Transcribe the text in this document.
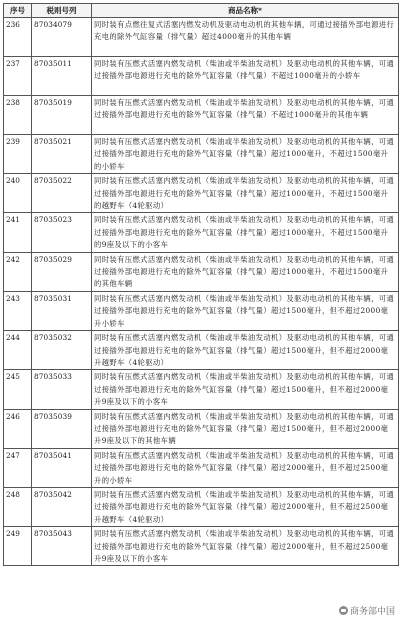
序号	税则号列	商品名称*
236	87034079	同时装有点燃往复式活塞内燃发动机及驱动电动机的其他车辆，可通过接插外部电源进行充电的除外气缸容量（排气量）超过4000毫升的其他车辆
237	87035011	同时装有压燃式活塞内燃发动机（柴油或半柴油发动机）及驱动电动机的其他车辆，可通过接插外部电源进行充电的除外气缸容量（排气量）不超过1000毫升的小轿车
238	87035019	同时装有压燃式活塞内燃发动机（柴油或半柴油发动机）及驱动电动机的其他车辆，可通过接插外部电源进行充电的除外气缸容量（排气量）不超过1000毫升的其他车辆
239	87035021	同时装有压燃式活塞内燃发动机（柴油或半柴油发动机）及驱动电动机的其他车辆，可通过接插外部电源进行充电的除外气缸容量（排气量）超过1000毫升，不超过1500毫升的小轿车
240	87035022	同时装有压燃式活塞内燃发动机（柴油或半柴油发动机）及驱动电动机的其他车辆，可通过接插外部电源进行充电的除外气缸容量（排气量）超过1000毫升，不超过1500毫升的越野车（4轮驱动）
241	87035023	同时装有压燃式活塞内燃发动机（柴油或半柴油发动机）及驱动电动机的其他车辆，可通过接插外部电源进行充电的除外气缸容量（排气量）超过1000毫升，不超过1500毫升的9座及以下的小客车
242	87035029	同时装有压燃式活塞内燃发动机（柴油或半柴油发动机）及驱动电动机的其他车辆，可通过接插外部电源进行充电的除外气缸容量（排气量）超过1000毫升，不超过1500毫升的其他车辆
243	87035031	同时装有压燃式活塞内燃发动机（柴油或半柴油发动机）及驱动电动机的其他车辆，可通过接插外部电源进行充电的除外气缸容量（排气量）超过1500毫升，但不超过2000毫升小轿车
244	87035032	同时装有压燃式活塞内燃发动机（柴油或半柴油发动机）及驱动电动机的其他车辆，可通过接插外部电源进行充电的除外气缸容量（排气量）超过1500毫升，但不超过2000毫升越野车（4轮驱动）
245	87035033	同时装有压燃式活塞内燃发动机（柴油或半柴油发动机）及驱动电动机的其他车辆，可通过接插外部电源进行充电的除外气缸容量（排气量）超过1500毫升，但不超过2000毫升9座及以下的小客车
246	87035039	同时装有压燃式活塞内燃发动机（柴油或半柴油发动机）及驱动电动机的其他车辆，可通过接插外部电源进行充电的除外气缸容量（排气量）超过1500毫升，但不超过2000毫升9座及以下的其他车辆
247	87035041	同时装有压燃式活塞内燃发动机（柴油或半柴油发动机）及驱动电动机的其他车辆，可通过接插外部电源进行充电的除外气缸容量（排气量）超过2000毫升，但不超过2500毫升的小轿车
248	87035042	同时装有压燃式活塞内燃发动机（柴油或半柴油发动机）及驱动电动机的其他车辆，可通过接插外部电源进行充电的除外气缸容量（排气量）超过2000毫升，但不超过2500毫升越野车（4轮驱动）
249	87035043	同时装有压燃式活塞内燃发动机（柴油或半柴油发动机）及驱动电动机的其他车辆，可通过接插外部电源进行充电的除外气缸容量（排气量）超过2000毫升，但不超过2500毫升9座及以下的小客车
商务部中国
